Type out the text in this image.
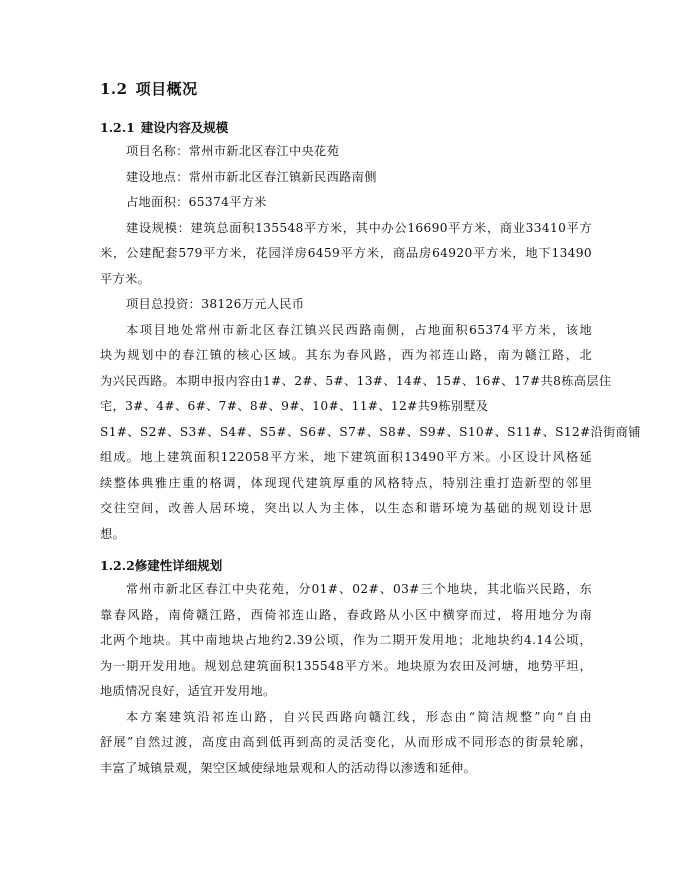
1.2 项目概况
1.2.1 建设内容及规模
项目名称：常州市新北区春江中央花苑
建设地点：常州市新北区春江镇新民西路南侧
占地面积：65374平方米
建设规模：建筑总面积135548平方米，其中办公16690平方米，商业33410平方
米，公建配套579平方米，花园洋房6459平方米，商品房64920平方米，地下13490
平方米。
项目总投资：38126万元人民币
本项目地处常州市新北区春江镇兴民西路南侧，占地面积65374平方米，该地
块为规划中的春江镇的核心区域。其东为春风路，西为祁连山路，南为赣江路，北
为兴民西路。本期申报内容由1#、2#、5#、13#、14#、15#、16#、17#共8栋高层住
宅，3#、4#、6#、7#、8#、9#、10#、11#、12#共9栋别墅及
S1#、S2#、S3#、S4#、S5#、S6#、S7#、S8#、S9#、S10#、S11#、S12#沿街商铺
组成。地上建筑面积122058平方米，地下建筑面积13490平方米。小区设计风格延
续整体典雅庄重的格调，体现现代建筑厚重的风格特点，特别注重打造新型的邻里
交往空间，改善人居环境，突出以人为主体，以生态和谐环境为基础的规划设计思
想。
1.2.2修建性详细规划
常州市新北区春江中央花苑，分01#、02#、03#三个地块，其北临兴民路，东
靠春风路，南倚赣江路，西倚祁连山路，春政路从小区中横穿而过，将用地分为南
北两个地块。其中南地块占地约2.39公顷，作为二期开发用地；北地块约4.14公顷，
为一期开发用地。规划总建筑面积135548平方米。地块原为农田及河塘，地势平坦，
地质情况良好，适宜开发用地。
本方案建筑沿祁连山路，自兴民西路向赣江线，形态由“简洁规整”向“自由
舒展”自然过渡，高度由高到低再到高的灵活变化，从而形成不同形态的街景轮廓，
丰富了城镇景观，架空区域使绿地景观和人的活动得以渗透和延伸。
